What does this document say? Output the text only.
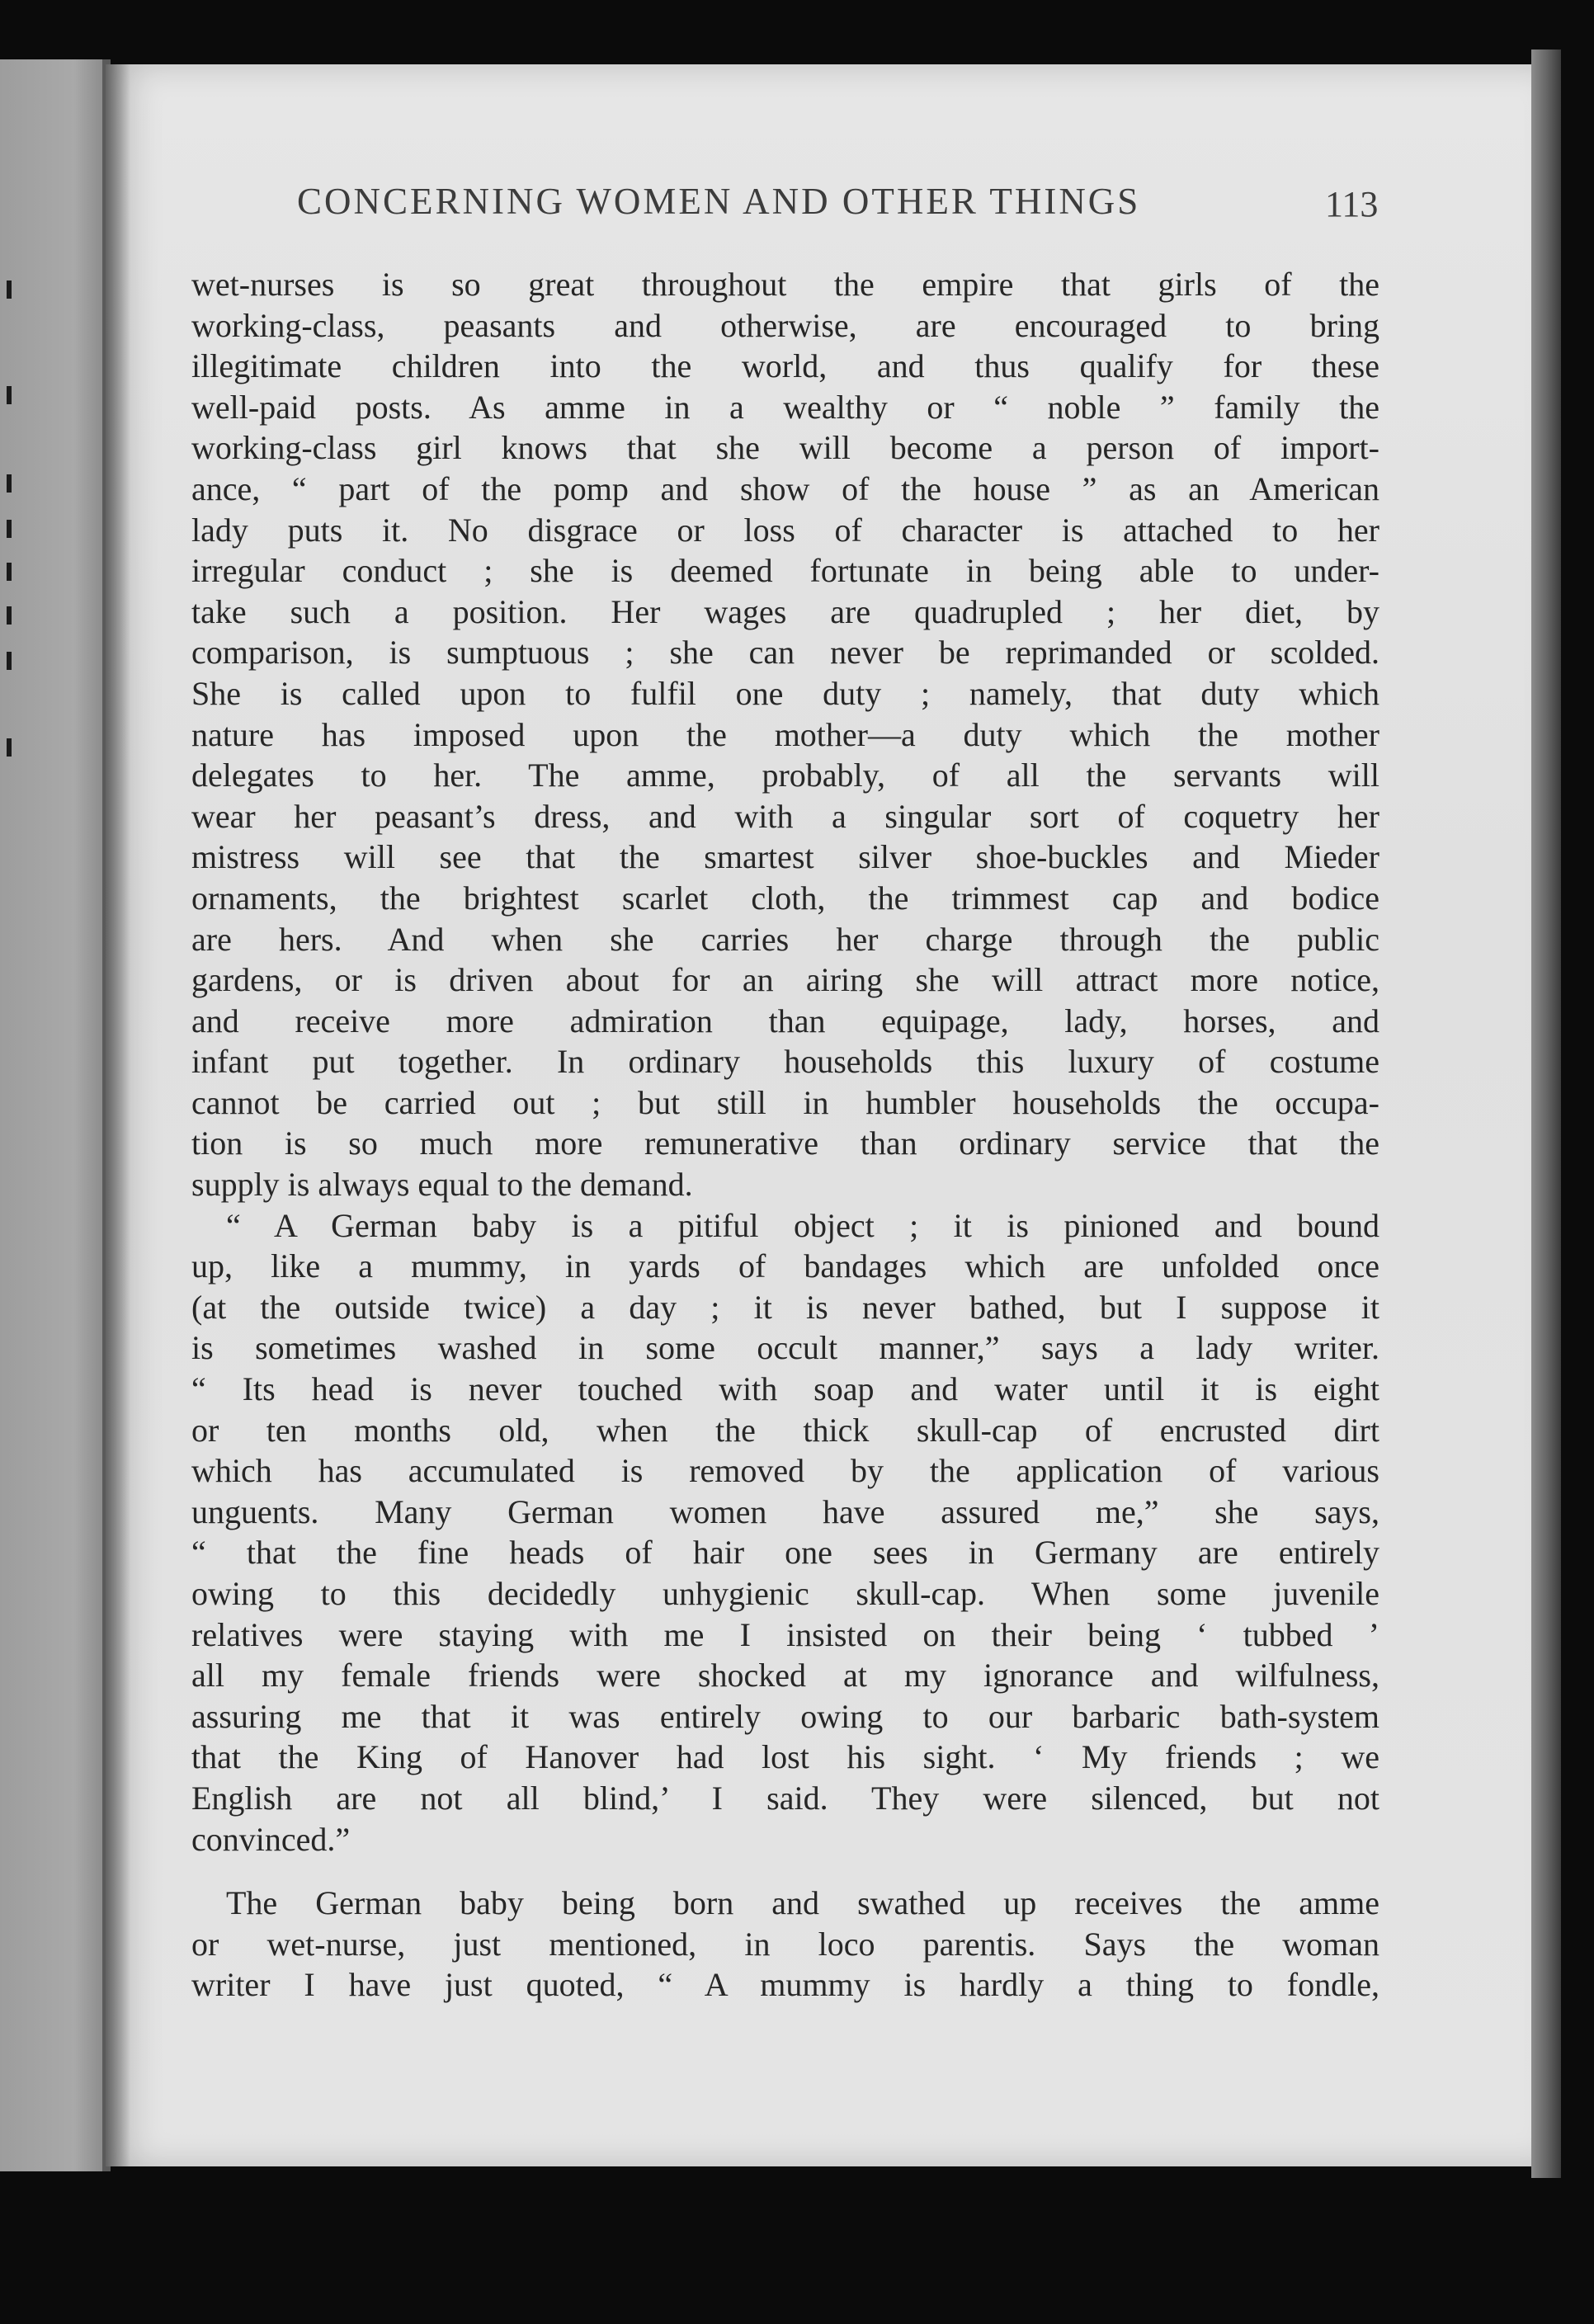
CONCERNING WOMEN AND OTHER THINGS	113
wet-nurses is so great throughout the empire that girls of the
working-class, peasants and otherwise, are encouraged to bring
illegitimate children into the world, and thus qualify for these
well-paid posts. As amme in a wealthy or “ noble ” family the
working-class girl knows that she will become a person of import-
ance, “ part of the pomp and show of the house ” as an American
lady puts it. No disgrace or loss of character is attached to her
irregular conduct ; she is deemed fortunate in being able to under-
take such a position. Her wages are quadrupled ; her diet, by
comparison, is sumptuous ; she can never be reprimanded or scolded.
She is called upon to fulfil one duty ; namely, that duty which
nature has imposed upon the mother—a duty which the mother
delegates to her. The amme, probably, of all the servants will
wear her peasant’s dress, and with a singular sort of coquetry her
mistress will see that the smartest silver shoe-buckles and Mieder
ornaments, the brightest scarlet cloth, the trimmest cap and bodice
are hers. And when she carries her charge through the public
gardens, or is driven about for an airing she will attract more notice,
and receive more admiration than equipage, lady, horses, and
infant put together. In ordinary households this luxury of costume
cannot be carried out ; but still in humbler households the occupa-
tion is so much more remunerative than ordinary service that the
supply is always equal to the demand.
“ A German baby is a pitiful object ; it is pinioned and bound
up, like a mummy, in yards of bandages which are unfolded once
(at the outside twice) a day ; it is never bathed, but I suppose it
is sometimes washed in some occult manner,” says a lady writer.
“ Its head is never touched with soap and water until it is eight
or ten months old, when the thick skull-cap of encrusted dirt
which has accumulated is removed by the application of various
unguents. Many German women have assured me,” she says,
“ that the fine heads of hair one sees in Germany are entirely
owing to this decidedly unhygienic skull-cap. When some juvenile
relatives were staying with me I insisted on their being ‘ tubbed ’
all my female friends were shocked at my ignorance and wilfulness,
assuring me that it was entirely owing to our barbaric bath-system
that the King of Hanover had lost his sight. ‘ My friends ; we
English are not all blind,’ I said. They were silenced, but not
convinced.”
The German baby being born and swathed up receives the amme
or wet-nurse, just mentioned, in loco parentis. Says the woman
writer I have just quoted, “ A mummy is hardly a thing to fondle,
